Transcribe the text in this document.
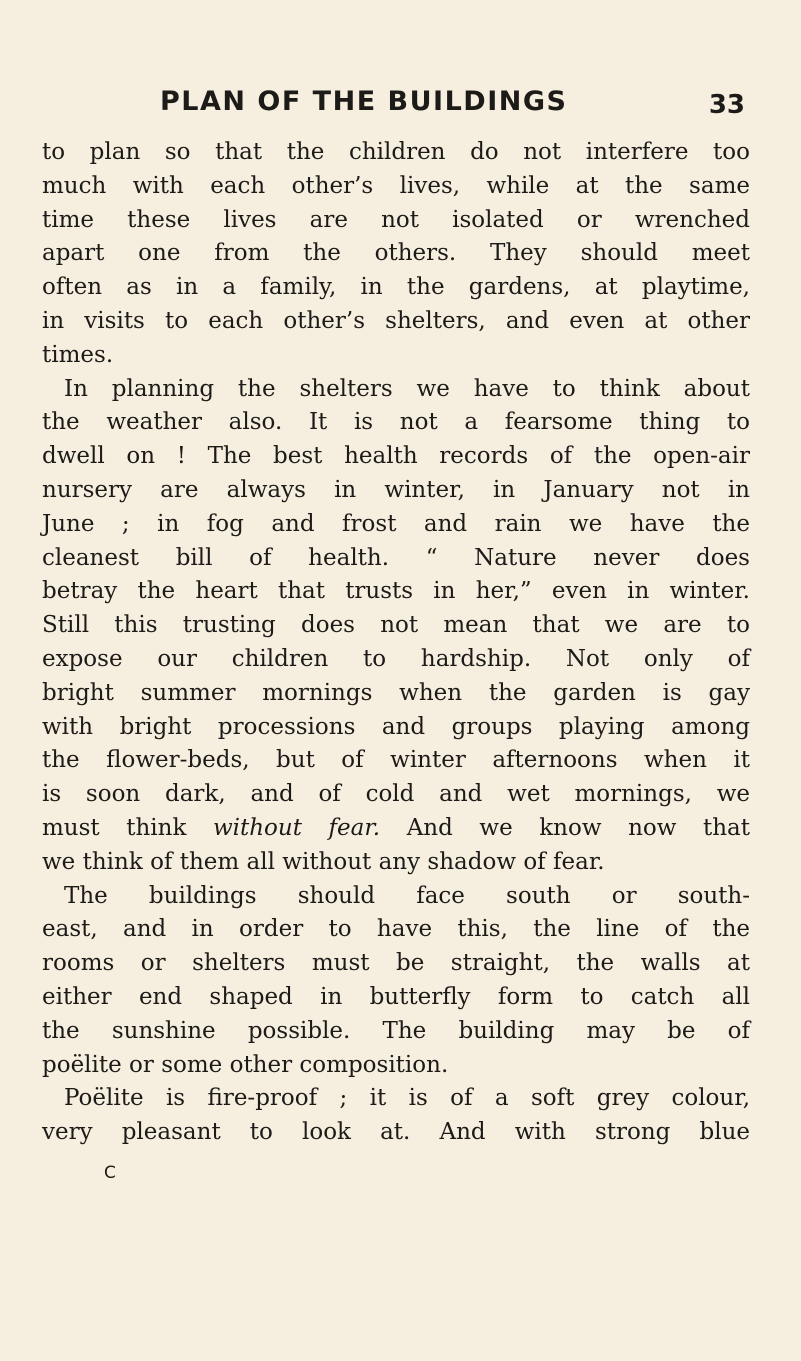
PLAN OF THE BUILDINGS	33
to plan so that the children do not interfere too
much with each other’s lives, while at the same
time these lives are not isolated or wrenched
apart one from the others. They should meet
often as in a family, in the gardens, at playtime,
in visits to each other’s shelters, and even at other
times.
In planning the shelters we have to think about
the weather also. It is not a fearsome thing to
dwell on ! The best health records of the open-air
nursery are always in winter, in January not in
June ; in fog and frost and rain we have the
cleanest bill of health. “ Nature never does
betray the heart that trusts in her,” even in winter.
Still this trusting does not mean that we are to
expose our children to hardship. Not only of
bright summer mornings when the garden is gay
with bright processions and groups playing among
the flower-beds, but of winter afternoons when it
is soon dark, and of cold and wet mornings, we
must think without fear. And we know now that
we think of them all without any shadow of fear.
The buildings should face south or south-
east, and in order to have this, the line of the
rooms or shelters must be straight, the walls at
either end shaped in butterfly form to catch all
the sunshine possible. The building may be of
poëlite or some other composition.
Poëlite is fire-proof ; it is of a soft grey colour,
very pleasant to look at. And with strong blue
C
